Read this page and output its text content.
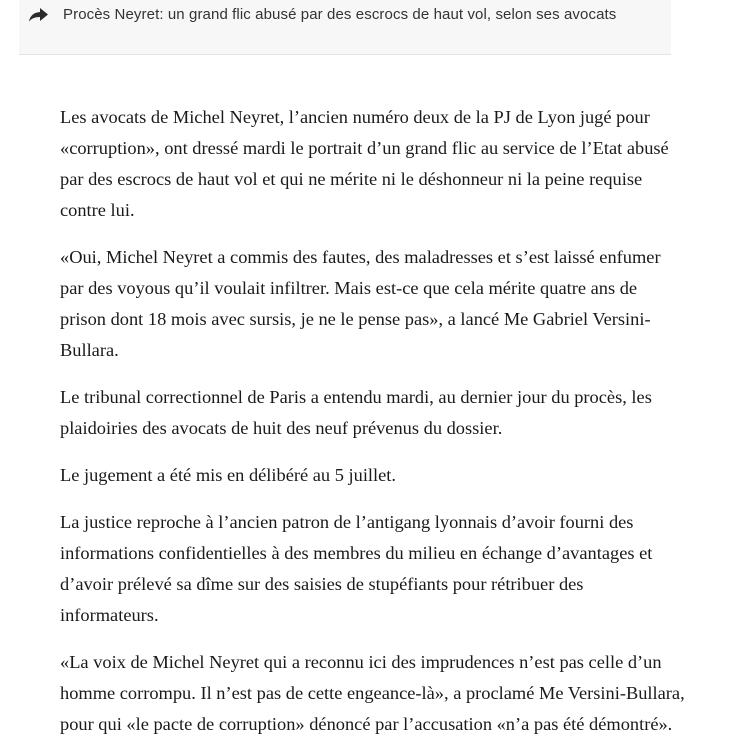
Procès Neyret: un grand flic abusé par des escrocs de haut vol, selon ses avocats

Les avocats de Michel Neyret, l’ancien numéro deux de la PJ de Lyon jugé pour «corruption», ont dressé mardi le portrait d’un grand flic au service de l’Etat abusé par des escrocs de haut vol et qui ne mérite ni le déshonneur ni la peine requise contre lui.

«Oui, Michel Neyret a commis des fautes, des maladresses et s’est laissé enfumer par des voyous qu’il voulait infiltrer. Mais est-ce que cela mérite quatre ans de prison dont 18 mois avec sursis, je ne le pense pas», a lancé Me Gabriel Versini-Bullara.

Le tribunal correctionnel de Paris a entendu mardi, au dernier jour du procès, les plaidoiries des avocats de huit des neuf prévenus du dossier.

Le jugement a été mis en délibéré au 5 juillet.

La justice reproche à l’ancien patron de l’antigang lyonnais d’avoir fourni des informations confidentielles à des membres du milieu en échange d’avantages et d’avoir prélevé sa dîme sur des saisies de stupéfiants pour rétribuer des informateurs.

«La voix de Michel Neyret qui a reconnu ici des imprudences n’est pas celle d’un homme corrompu. Il n’est pas de cette engeance-là», a proclamé Me Versini-Bullara, pour qui «le pacte de corruption» dénoncé par l’accusation «n’a pas été démontré».
